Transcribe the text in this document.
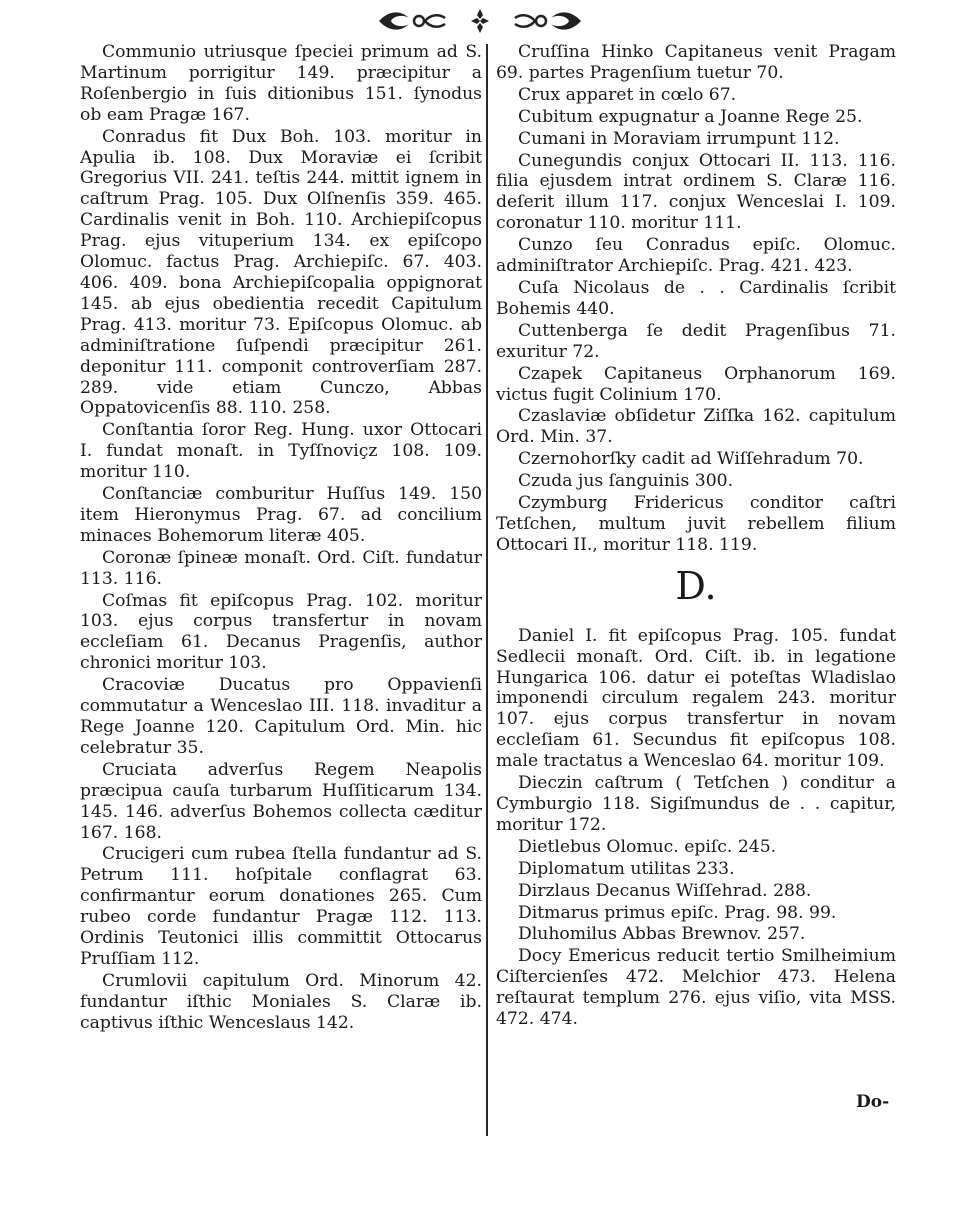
Communio utriusque ſpeciei primum ad S. Martinum porrigitur 149. præcipitur a Roſenbergio in ſuis ditionibus 151. ſynodus ob eam Pragæ 167.

Conradus fit Dux Boh. 103. moritur in Apulia ib. 108. Dux Moraviæ ei ſcribit Gregorius VII. 241. teſtis 244. mittit ignem in caſtrum Prag. 105. Dux Olſnenſis 359. 465. Cardinalis venit in Boh. 110. Archiepiſcopus Prag. ejus vituperium 134. ex epiſcopo Olomuc. factus Prag. Archiepiſc. 67. 403. 406. 409. bona Archiepiſcopalia oppignorat 145. ab ejus obedientia recedit Capitulum Prag. 413. moritur 73. Epiſcopus Olomuc. ab adminiſtratione ſuſpendi præcipitur 261. deponitur 111. componit controverſiam 287. 289. vide etiam Cunczo, Abbas Oppatovicenſis 88. 110. 258.

Conſtantia ſoror Reg. Hung. uxor Ottocari I. fundat monaſt. in Tyſſnoviçz 108. 109. moritur 110.

Conſtanciæ comburitur Huſſus 149. 150 item Hieronymus Prag. 67. ad concilium minaces Bohemorum literæ 405.

Coronæ ſpineæ monaſt. Ord. Ciſt. fundatur 113. 116.

Coſmas fit epiſcopus Prag. 102. moritur 103. ejus corpus transfertur in novam eccleſiam 61. Decanus Pragenſis, author chronici moritur 103.

Cracoviæ Ducatus pro Oppavienſi commutatur a Wenceslao III. 118. invaditur a Rege Joanne 120. Capitulum Ord. Min. hic celebratur 35.

Cruciata adverſus Regem Neapolis præcipua cauſa turbarum Huſſiticarum 134. 145. 146. adverſus Bohemos collecta cæditur 167. 168.

Crucigeri cum rubea ſtella fundantur ad S. Petrum 111. hoſpitale conflagrat 63. confirmantur eorum donationes 265. Cum rubeo corde fundantur Pragæ 112. 113. Ordinis Teutonici illis committit Ottocarus Pruſſiam 112.

Crumlovii capitulum Ord. Minorum 42. fundantur iſthic Moniales S. Claræ ib. captivus iſthic Wenceslaus 142.

Cruſſina Hinko Capitaneus venit Pragam 69. partes Pragenſium tuetur 70.

Crux apparet in cœlo 67.

Cubitum expugnatur a Joanne Rege 25.

Cumani in Moraviam irrumpunt 112.

Cunegundis conjux Ottocari II. 113. 116. filia ejusdem intrat ordinem S. Claræ 116. deſerit illum 117. conjux Wenceslai I. 109. coronatur 110. moritur 111.

Cunzo ſeu Conradus epiſc. Olomuc. adminiſtrator Archiepiſc. Prag. 421. 423.

Cuſa Nicolaus de . . Cardinalis ſcribit Bohemis 440.

Cuttenberga ſe dedit Pragenſibus 71. exuritur 72.

Czapek Capitaneus Orphanorum 169. victus fugit Colinium 170.

Czaslaviæ obſidetur Ziſſka 162. capitulum Ord. Min. 37.

Czernohorſky cadit ad Wiſſehradum 70.

Czuda jus ſanguinis 300.

Czymburg Fridericus conditor caſtri Tetſchen, multum juvit rebellem filium Ottocari II., moritur 118. 119.

D.

Daniel I. fit epiſcopus Prag. 105. fundat Sedlecii monaſt. Ord. Ciſt. ib. in legatione Hungarica 106. datur ei poteſtas Wladislao imponendi circulum regalem 243. moritur 107. ejus corpus transfertur in novam eccleſiam 61. Secundus fit epiſcopus 108. male tractatus a Wenceslao 64. moritur 109.

Dieczin caſtrum ( Tetſchen ) conditur a Cymburgio 118. Sigiſmundus de . . capitur, moritur 172.

Dietlebus Olomuc. epiſc. 245.

Diplomatum utilitas 233.

Dirzlaus Decanus Wiſſehrad. 288.

Ditmarus primus epiſc. Prag. 98. 99.

Dluhomilus Abbas Brewnov. 257.

Docy Emericus reducit tertio Smilheimium Ciſtercienſes 472. Melchior 473. Helena reſtaurat templum 276. ejus viſio, vita MSS. 472. 474.

Do-
